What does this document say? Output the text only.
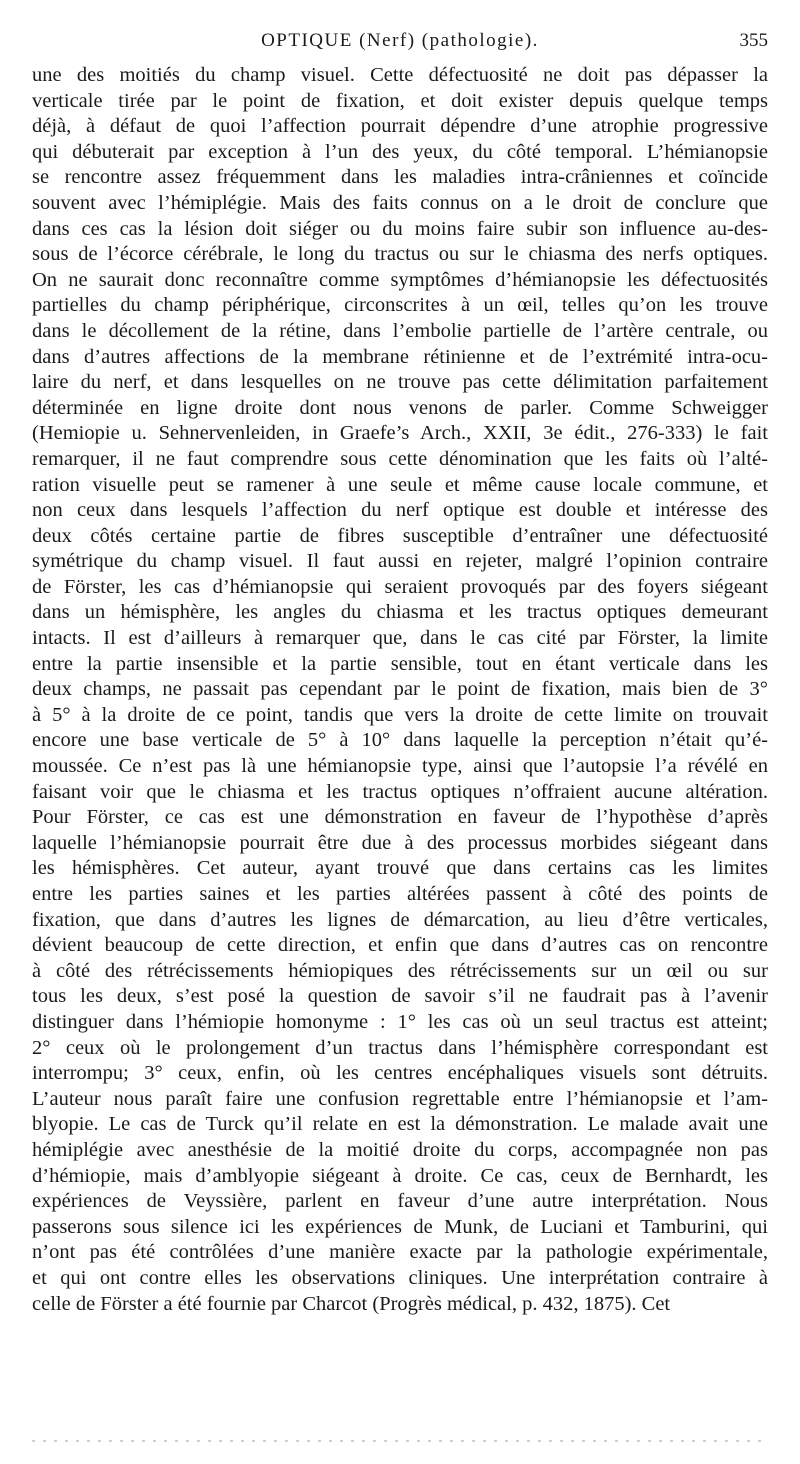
OPTIQUE (Nerf) (pathologie).	355
une des moitiés du champ visuel. Cette défectuosité ne doit pas dépasser la
verticale tirée par le point de fixation, et doit exister depuis quelque temps
déjà, à défaut de quoi l’affection pourrait dépendre d’une atrophie progressive
qui débuterait par exception à l’un des yeux, du côté temporal. L’hémianopsie
se rencontre assez fréquemment dans les maladies intra-crâniennes et coïncide
souvent avec l’hémiplégie. Mais des faits connus on a le droit de conclure que
dans ces cas la lésion doit siéger ou du moins faire subir son influence au-des-
sous de l’écorce cérébrale, le long du tractus ou sur le chiasma des nerfs optiques.
On ne saurait donc reconnaître comme symptômes d’hémianopsie les défectuosités
partielles du champ périphérique, circonscrites à un œil, telles qu’on les trouve
dans le décollement de la rétine, dans l’embolie partielle de l’artère centrale, ou
dans d’autres affections de la membrane rétinienne et de l’extrémité intra-ocu-
laire du nerf, et dans lesquelles on ne trouve pas cette délimitation parfaitement
déterminée en ligne droite dont nous venons de parler. Comme Schweigger
(Hemiopie u. Sehnervenleiden, in Graefe’s Arch., XXII, 3e édit., 276-333) le fait
remarquer, il ne faut comprendre sous cette dénomination que les faits où l’alté-
ration visuelle peut se ramener à une seule et même cause locale commune, et
non ceux dans lesquels l’affection du nerf optique est double et intéresse des
deux côtés certaine partie de fibres susceptible d’entraîner une défectuosité
symétrique du champ visuel. Il faut aussi en rejeter, malgré l’opinion contraire
de Förster, les cas d’hémianopsie qui seraient provoqués par des foyers siégeant
dans un hémisphère, les angles du chiasma et les tractus optiques demeurant
intacts. Il est d’ailleurs à remarquer que, dans le cas cité par Förster, la limite
entre la partie insensible et la partie sensible, tout en étant verticale dans les
deux champs, ne passait pas cependant par le point de fixation, mais bien de 3°
à 5° à la droite de ce point, tandis que vers la droite de cette limite on trouvait
encore une base verticale de 5° à 10° dans laquelle la perception n’était qu’é-
moussée. Ce n’est pas là une hémianopsie type, ainsi que l’autopsie l’a révélé en
faisant voir que le chiasma et les tractus optiques n’offraient aucune altération.
Pour Förster, ce cas est une démonstration en faveur de l’hypothèse d’après
laquelle l’hémianopsie pourrait être due à des processus morbides siégeant dans
les hémisphères. Cet auteur, ayant trouvé que dans certains cas les limites
entre les parties saines et les parties altérées passent à côté des points de
fixation, que dans d’autres les lignes de démarcation, au lieu d’être verticales,
dévient beaucoup de cette direction, et enfin que dans d’autres cas on rencontre
à côté des rétrécissements hémiopiques des rétrécissements sur un œil ou sur
tous les deux, s’est posé la question de savoir s’il ne faudrait pas à l’avenir
distinguer dans l’hémiopie homonyme : 1° les cas où un seul tractus est atteint;
2° ceux où le prolongement d’un tractus dans l’hémisphère correspondant est
interrompu; 3° ceux, enfin, où les centres encéphaliques visuels sont détruits.
L’auteur nous paraît faire une confusion regrettable entre l’hémianopsie et l’am-
blyopie. Le cas de Turck qu’il relate en est la démonstration. Le malade avait une
hémiplégie avec anesthésie de la moitié droite du corps, accompagnée non pas
d’hémiopie, mais d’amblyopie siégeant à droite. Ce cas, ceux de Bernhardt, les
expériences de Veyssière, parlent en faveur d’une autre interprétation. Nous
passerons sous silence ici les expériences de Munk, de Luciani et Tamburini, qui
n’ont pas été contrôlées d’une manière exacte par la pathologie expérimentale,
et qui ont contre elles les observations cliniques. Une interprétation contraire à
celle de Förster a été fournie par Charcot (Progrès médical, p. 432, 1875). Cet
